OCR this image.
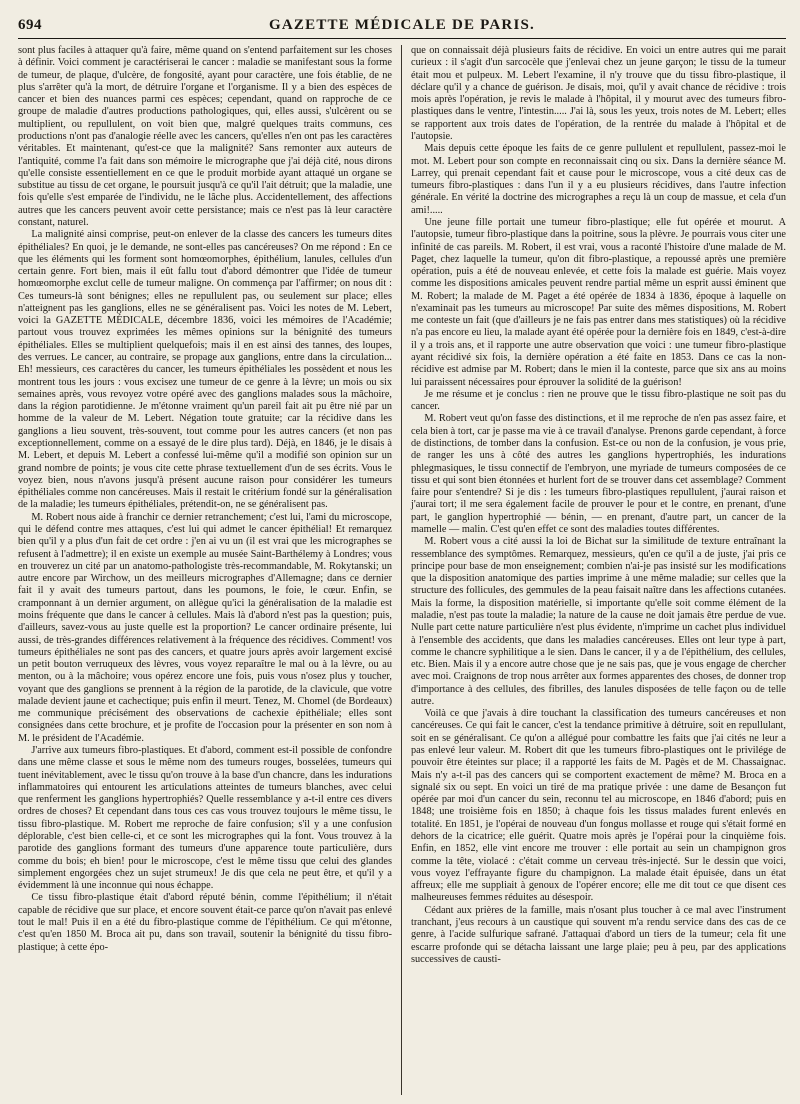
694	GAZETTE MÉDICALE DE PARIS.

sont plus faciles à attaquer qu'à faire, même quand on s'entend parfaitement sur les choses à définir. Voici comment je caractériserai le cancer : maladie se manifestant sous la forme de tumeur, de plaque, d'ulcère, de fongosité, ayant pour caractère, une fois établie, de ne plus s'arrêter qu'à la mort, de détruire l'organe et l'organisme. Il y a bien des espèces de cancer et bien des nuances parmi ces espèces; cependant, quand on rapproche de ce groupe de maladie d'autres productions pathologiques, qui, elles aussi, s'ulcèrent ou se multiplient, ou repullulent, on voit bien que, malgré quelques traits communs, ces productions n'ont pas d'analogie réelle avec les cancers, qu'elles n'en ont pas les caractères véritables. Et maintenant, qu'est-ce que la malignité? Sans remonter aux auteurs de l'antiquité, comme l'a fait dans son mémoire le micrographe que j'ai déjà cité, nous dirons qu'elle consiste essentiellement en ce que le produit morbide ayant attaqué un organe se substitue au tissu de cet organe, le poursuit jusqu'à ce qu'il l'ait détruit; que la maladie, une fois qu'elle s'est emparée de l'individu, ne le lâche plus. Accidentellement, des affections autres que les cancers peuvent avoir cette persistance; mais ce n'est pas là leur caractère constant, naturel.

La malignité ainsi comprise, peut-on enlever de la classe des cancers les tumeurs dites épithéliales? En quoi, je le demande, ne sont-elles pas cancéreuses? On me répond : En ce que les éléments qui les forment sont homœomorphes, épithélium, lanules, cellules d'un certain genre. Fort bien, mais il eût fallu tout d'abord démontrer que l'idée de tumeur homœomorphe exclut celle de tumeur maligne. On commença par l'affirmer; on nous dit : Ces tumeurs-là sont bénignes; elles ne repullulent pas, ou seulement sur place; elles n'atteignent pas les ganglions, elles ne se généralisent pas. Voici les notes de M. Lebert, voici la GAZETTE MÉDICALE, décembre 1836, voici les mémoires de l'Académie; partout vous trouvez exprimées les mêmes opinions sur la bénignité des tumeurs épithéliales. Elles se multiplient quelquefois; mais il en est ainsi des tannes, des loupes, des verrues. Le cancer, au contraire, se propage aux ganglions, entre dans la circulation... Eh! messieurs, ces caractères du cancer, les tumeurs épithéliales les possèdent et nous les montrent tous les jours : vous excisez une tumeur de ce genre à la lèvre; un mois ou six semaines après, vous revoyez votre opéré avec des ganglions malades sous la mâchoire, dans la région parotidienne. Je m'étonne vraiment qu'un pareil fait ait pu être nié par un homme de la valeur de M. Lebert. Négation toute gratuite; car la récidive dans les ganglions a lieu souvent, très-souvent, tout comme pour les autres cancers (et non pas exceptionnellement, comme on a essayé de le dire plus tard). Déjà, en 1846, je le disais à M. Lebert, et depuis M. Lebert a confessé lui-même qu'il a modifié son opinion sur un grand nombre de points; je vous cite cette phrase textuellement d'un de ses écrits. Vous le voyez bien, nous n'avons jusqu'à présent aucune raison pour considérer les tumeurs épithéliales comme non cancéreuses. Mais il restait le critérium fondé sur la généralisation de la maladie; les tumeurs épithéliales, prétendit-on, ne se généralisent pas.

M. Robert nous aide à franchir ce dernier retranchement; c'est lui, l'ami du microscope, qui le défend contre mes attaques, c'est lui qui admet le cancer épithélial! Et remarquez bien qu'il y a plus d'un fait de cet ordre : j'en ai vu un (il est vrai que les micrographes se refusent à l'admettre); il en existe un exemple au musée Saint-Barthélemy à Londres; vous en trouverez un cité par un anatomo-pathologiste très-recommandable, M. Rokytanski; un autre encore par Wirchow, un des meilleurs micrographes d'Allemagne; dans ce dernier fait il y avait des tumeurs partout, dans les poumons, le foie, le cœur. Enfin, se cramponnant à un dernier argument, on allègue qu'ici la généralisation de la maladie est moins fréquente que dans le cancer à cellules. Mais là d'abord n'est pas la question; puis, d'ailleurs, savez-vous au juste quelle est la proportion? Le cancer ordinaire présente, lui aussi, de très-grandes différences relativement à la fréquence des récidives. Comment! vos tumeurs épithéliales ne sont pas des cancers, et quatre jours après avoir largement excisé un petit bouton verruqueux des lèvres, vous voyez reparaître le mal ou à la lèvre, ou au menton, ou à la mâchoire; vous opérez encore une fois, puis vous n'osez plus y toucher, voyant que des ganglions se prennent à la région de la parotide, de la clavicule, que votre malade devient jaune et cachectique; puis enfin il meurt. Tenez, M. Chomel (de Bordeaux) me communique précisément des observations de cachexie épithéliale; elles sont consignées dans cette brochure, et je profite de l'occasion pour la présenter en son nom à M. le président de l'Académie.

J'arrive aux tumeurs fibro-plastiques. Et d'abord, comment est-il possible de confondre dans une même classe et sous le même nom des tumeurs rouges, bosselées, tumeurs qui tuent inévitablement, avec le tissu qu'on trouve à la base d'un chancre, dans les indurations inflammatoires qui entourent les articulations atteintes de tumeurs blanches, avec celui que renferment les ganglions hypertrophiés? Quelle ressemblance y a-t-il entre ces divers ordres de choses? Et cependant dans tous ces cas vous trouvez toujours le même tissu, le tissu fibro-plastique. M. Robert me reproche de faire confusion; s'il y a une confusion déplorable, c'est bien celle-ci, et ce sont les micrographes qui la font. Vous trouvez à la parotide des ganglions formant des tumeurs d'une apparence toute particulière, durs comme du bois; eh bien! pour le microscope, c'est le même tissu que celui des glandes simplement engorgées chez un sujet strumeux! Je dis que cela ne peut être, et qu'il y a évidemment là une inconnue qui nous échappe.

Ce tissu fibro-plastique était d'abord réputé bénin, comme l'épithélium; il n'était capable de récidive que sur place, et encore souvent était-ce parce qu'on n'avait pas enlevé tout le mal! Puis il en a été du fibro-plastique comme de l'épithélium. Ce qui m'étonne, c'est qu'en 1850 M. Broca ait pu, dans son travail, soutenir la bénignité du tissu fibro-plastique; à cette épo-

que on connaissait déjà plusieurs faits de récidive. En voici un entre autres qui me parait curieux : il s'agit d'un sarcocèle que j'enlevai chez un jeune garçon; le tissu de la tumeur était mou et pulpeux. M. Lebert l'examine, il n'y trouve que du tissu fibro-plastique, il déclare qu'il y a chance de guérison. Je disais, moi, qu'il y avait chance de récidive : trois mois après l'opération, je revis le malade à l'hôpital, il y mourut avec des tumeurs fibro-plastiques dans le ventre, l'intestin..... J'ai là, sous les yeux, trois notes de M. Lebert; elles se rapportent aux trois dates de l'opération, de la rentrée du malade à l'hôpital et de l'autopsie.

Mais depuis cette époque les faits de ce genre pullulent et repullulent, passez-moi le mot. M. Lebert pour son compte en reconnaissait cinq ou six. Dans la dernière séance M. Larrey, qui prenait cependant fait et cause pour le microscope, vous a cité deux cas de tumeurs fibro-plastiques : dans l'un il y a eu plusieurs récidives, dans l'autre infection générale. En vérité la doctrine des micrographes a reçu là un coup de massue, et cela d'un ami!.....

Une jeune fille portait une tumeur fibro-plastique; elle fut opérée et mourut. A l'autopsie, tumeur fibro-plastique dans la poitrine, sous la plèvre. Je pourrais vous citer une infinité de cas pareils. M. Robert, il est vrai, vous a raconté l'histoire d'une malade de M. Paget, chez laquelle la tumeur, qu'on dit fibro-plastique, a repoussé après une première opération, puis a été de nouveau enlevée, et cette fois la malade est guérie. Mais voyez comme les dispositions amicales peuvent rendre partial même un esprit aussi éminent que M. Robert; la malade de M. Paget a été opérée de 1834 à 1836, époque à laquelle on n'examinait pas les tumeurs au microscope! Par suite des mêmes dispositions, M. Robert me conteste un fait (que d'ailleurs je ne fais pas entrer dans mes statistiques) où la récidive n'a pas encore eu lieu, la malade ayant été opérée pour la dernière fois en 1849, c'est-à-dire il y a trois ans, et il rapporte une autre observation que voici : une tumeur fibro-plastique ayant récidivé six fois, la dernière opération a été faite en 1853. Dans ce cas la non-récidive est admise par M. Robert; dans le mien il la conteste, parce que six ans au moins lui paraissent nécessaires pour éprouver la solidité de la guérison!

Je me résume et je conclus : rien ne prouve que le tissu fibro-plastique ne soit pas du cancer.

M. Robert veut qu'on fasse des distinctions, et il me reproche de n'en pas assez faire, et cela bien à tort, car je passe ma vie à ce travail d'analyse. Prenons garde cependant, à force de distinctions, de tomber dans la confusion. Est-ce ou non de la confusion, je vous prie, de ranger les uns à côté des autres les ganglions hypertrophiés, les indurations phlegmasiques, le tissu connectif de l'embryon, une myriade de tumeurs composées de ce tissu et qui sont bien étonnées et hurlent fort de se trouver dans cet assemblage? Comment faire pour s'entendre? Si je dis : les tumeurs fibro-plastiques repullulent, j'aurai raison et j'aurai tort; il me sera également facile de prouver le pour et le contre, en prenant, d'une part, le ganglion hypertrophié — bénin, — en prenant, d'autre part, un cancer de la mamelle — malin. C'est qu'en effet ce sont des maladies toutes différentes.

M. Robert vous a cité aussi la loi de Bichat sur la similitude de texture entraînant la ressemblance des symptômes. Remarquez, messieurs, qu'en ce qu'il a de juste, j'ai pris ce principe pour base de mon enseignement; combien n'ai-je pas insisté sur les modifications que la disposition anatomique des parties imprime à une même maladie; sur celles que la structure des follicules, des gemmules de la peau faisait naître dans les affections cutanées. Mais la forme, la disposition matérielle, si importante qu'elle soit comme élément de la maladie, n'est pas toute la maladie; la nature de la cause ne doit jamais être perdue de vue. Nulle part cette nature particulière n'est plus évidente, n'imprime un cachet plus individuel à l'ensemble des accidents, que dans les maladies cancéreuses. Elles ont leur type à part, comme le chancre syphilitique a le sien. Dans le cancer, il y a de l'épithélium, des cellules, etc. Bien. Mais il y a encore autre chose que je ne sais pas, que je vous engage de chercher avec moi. Craignons de trop nous arrêter aux formes apparentes des choses, de donner trop d'importance à des cellules, des fibrilles, des lanules disposées de telle façon ou de telle autre.

Voilà ce que j'avais à dire touchant la classification des tumeurs cancéreuses et non cancéreuses. Ce qui fait le cancer, c'est la tendance primitive à détruire, soit en repullulant, soit en se généralisant. Ce qu'on a allégué pour combattre les faits que j'ai cités ne leur a pas enlevé leur valeur. M. Robert dit que les tumeurs fibro-plastiques ont le privilége de pouvoir être éteintes sur place; il a rapporté les faits de M. Pagès et de M. Chassaignac. Mais n'y a-t-il pas des cancers qui se comportent exactement de même? M. Broca en a signalé six ou sept. En voici un tiré de ma pratique privée : une dame de Besançon fut opérée par moi d'un cancer du sein, reconnu tel au microscope, en 1846 d'abord; puis en 1848; une troisième fois en 1850; à chaque fois les tissus malades furent enlevés en totalité. En 1851, je l'opérai de nouveau d'un fongus mollasse et rouge qui s'était formé en dehors de la cicatrice; elle guérit. Quatre mois après je l'opérai pour la cinquième fois. Enfin, en 1852, elle vint encore me trouver : elle portait au sein un champignon gros comme la tête, violacé : c'était comme un cerveau très-injecté. Sur le dessin que voici, vous voyez l'effrayante figure du champignon. La malade était épuisée, dans un état affreux; elle me suppliait à genoux de l'opérer encore; elle me dit tout ce que disent ces malheureuses femmes réduites au désespoir.

Cédant aux prières de la famille, mais n'osant plus toucher à ce mal avec l'instrument tranchant, j'eus recours à un caustique qui souvent m'a rendu service dans des cas de ce genre, à l'acide sulfurique safrané. J'attaquai d'abord un tiers de la tumeur; cela fit une escarre profonde qui se détacha laissant une large plaie; peu à peu, par des applications successives de causti-
